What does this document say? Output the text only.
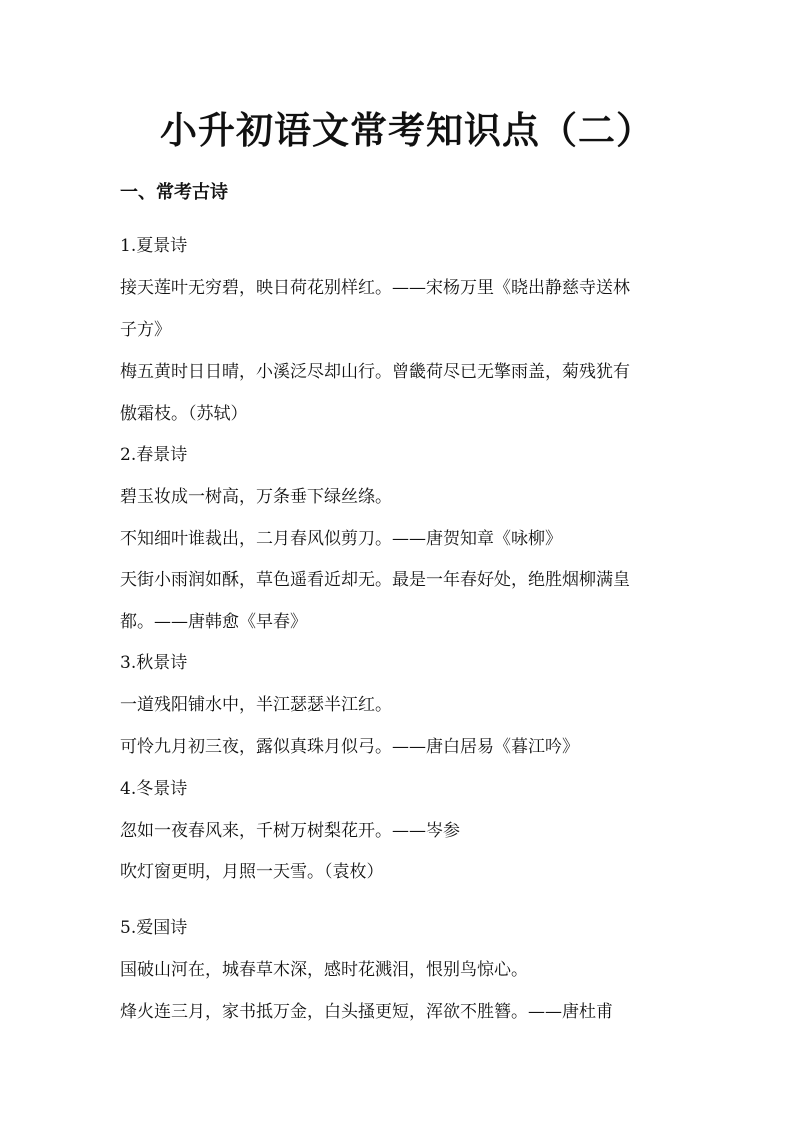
小升初语文常考知识点（二）
一、常考古诗
1.夏景诗
接天莲叶无穷碧，映日荷花别样红。——宋杨万里《晓出静慈寺送林
子方》
梅五黄时日日晴，小溪泛尽却山行。曾畿荷尽已无擎雨盖，菊残犹有
傲霜枝。（苏轼）
2.春景诗
碧玉妆成一树高，万条垂下绿丝绦。
不知细叶谁裁出，二月春风似剪刀。——唐贺知章《咏柳》
天街小雨润如酥，草色遥看近却无。最是一年春好处，绝胜烟柳满皇
都。——唐韩愈《早春》
3.秋景诗
一道残阳铺水中，半江瑟瑟半江红。
可怜九月初三夜，露似真珠月似弓。——唐白居易《暮江吟》
4.冬景诗
忽如一夜春风来，千树万树梨花开。——岑参
吹灯窗更明，月照一天雪。（袁枚）
5.爱国诗
国破山河在，城春草木深，感时花溅泪，恨别鸟惊心。
烽火连三月，家书抵万金，白头搔更短，浑欲不胜簪。——唐杜甫
